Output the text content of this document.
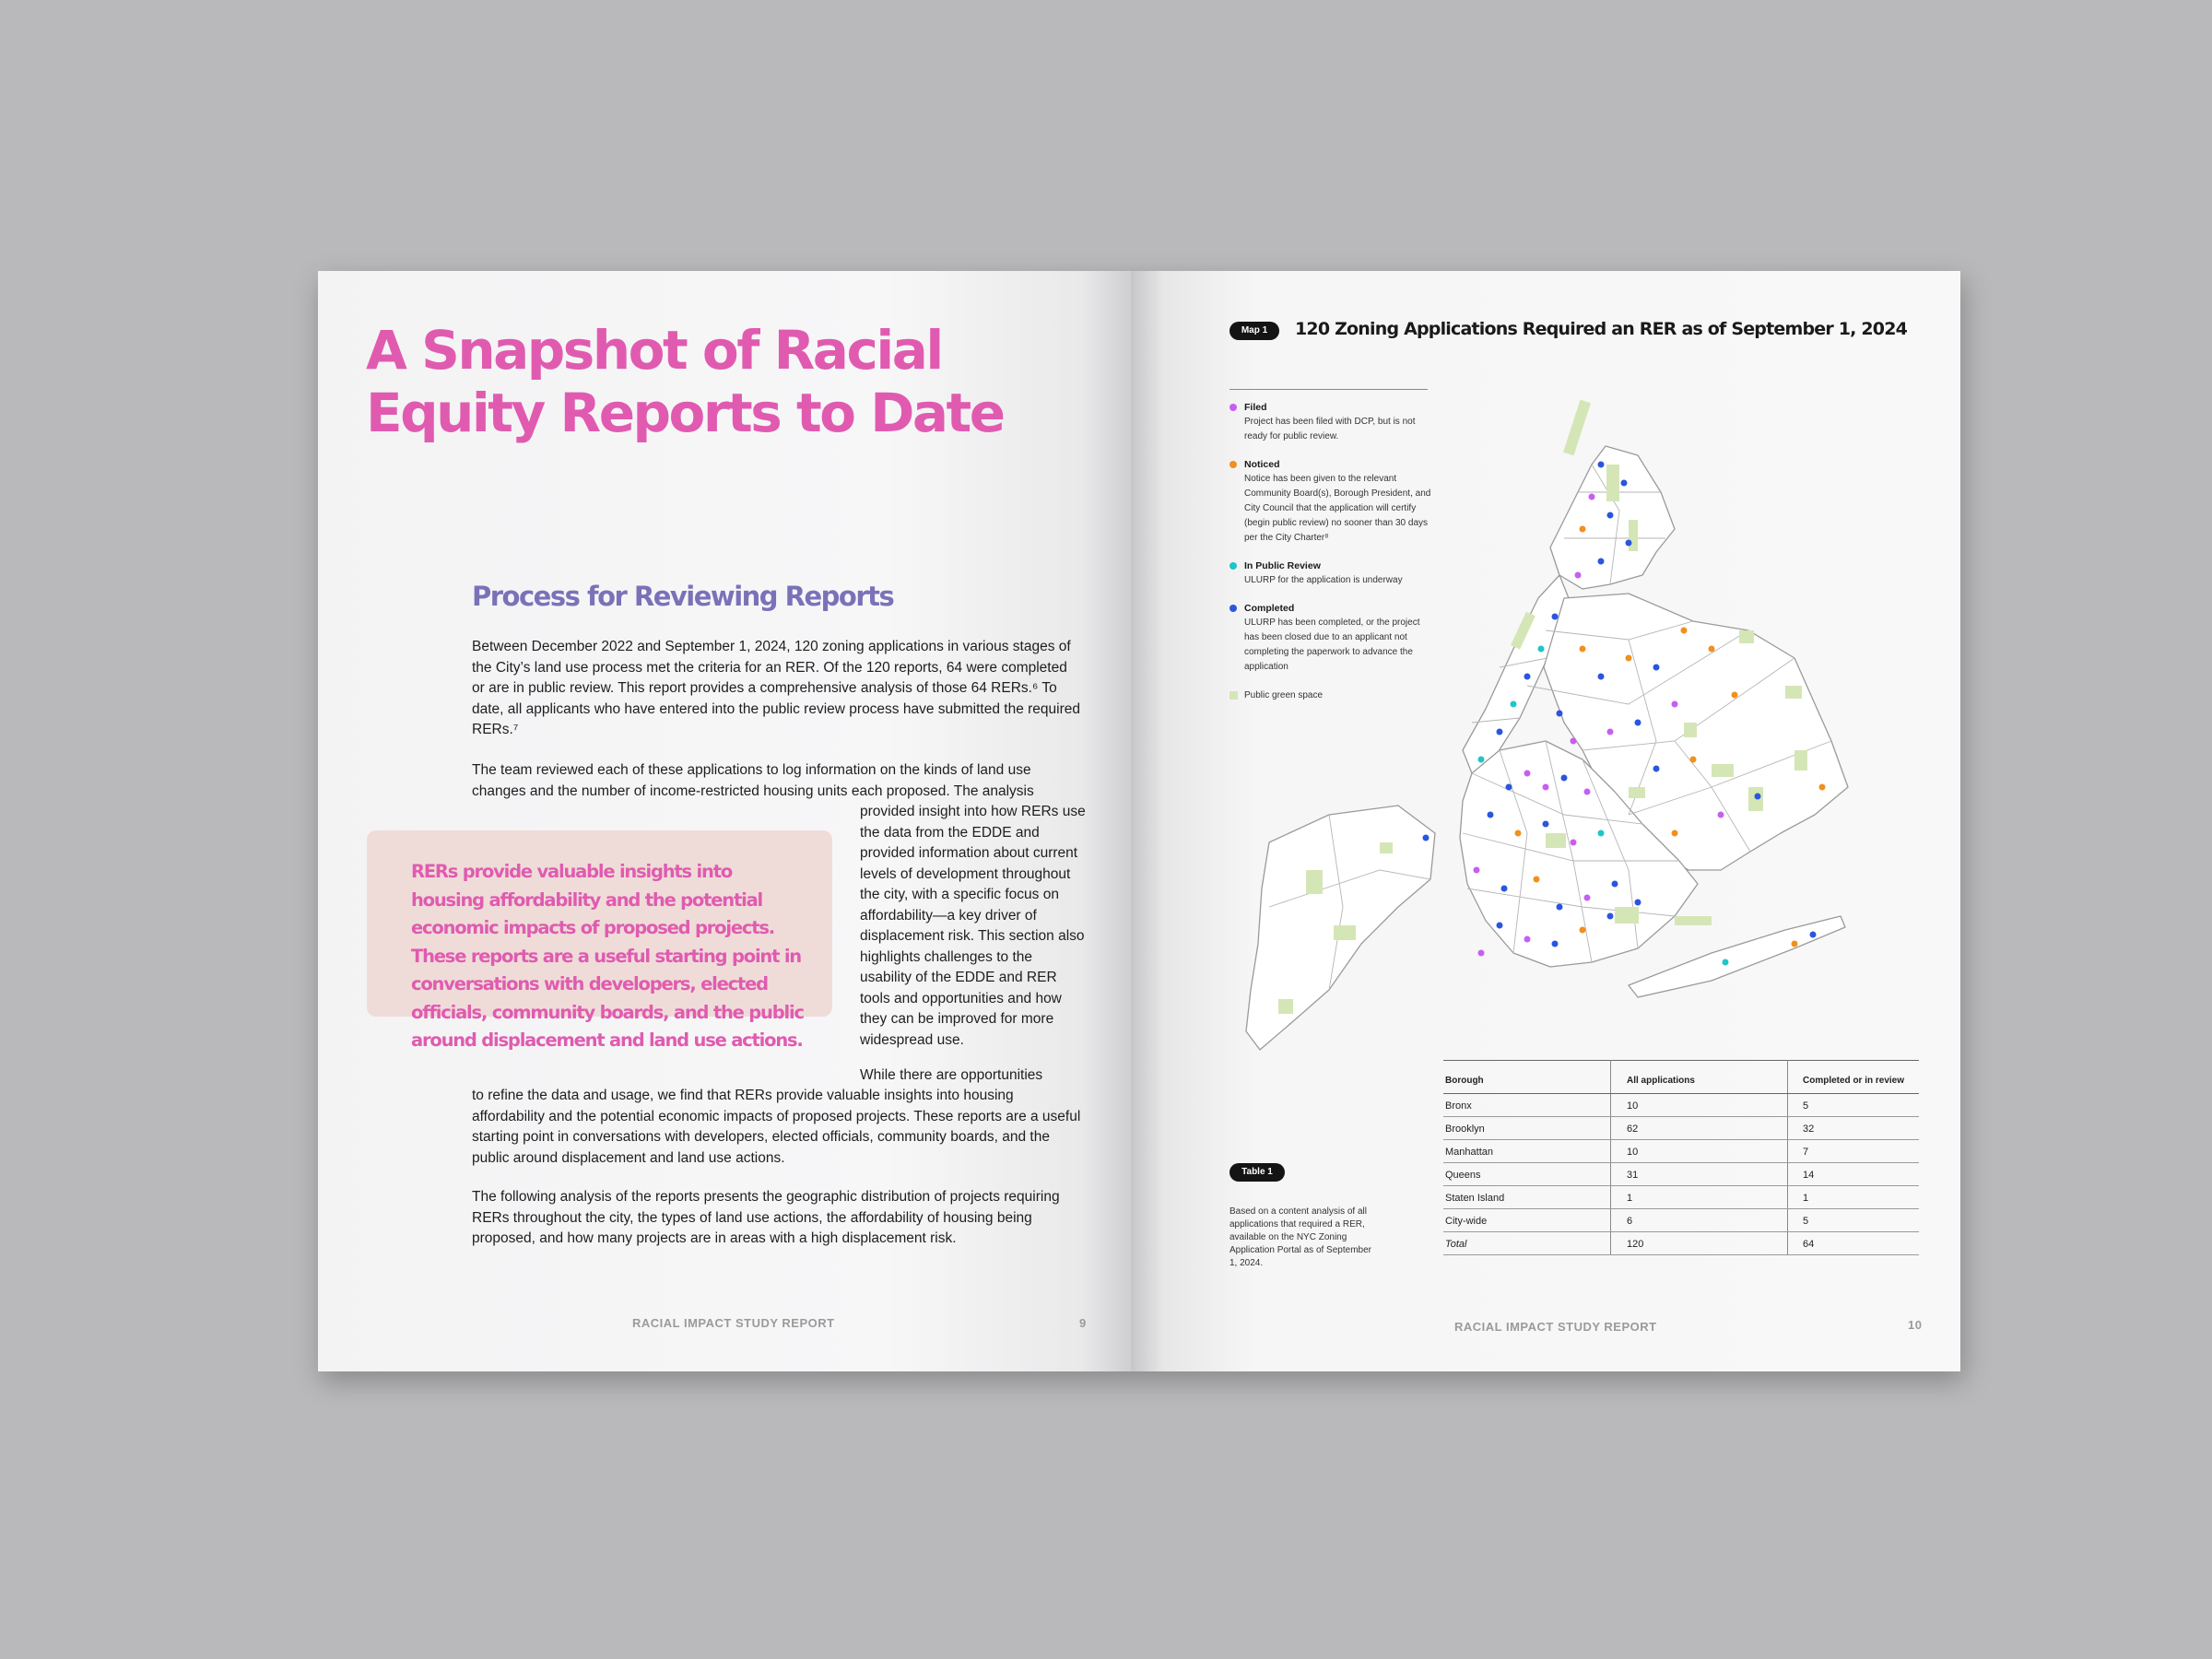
A Snapshot of Racial Equity Reports to Date
Process for Reviewing Reports

Between December 2022 and September 1, 2024, 120 zoning applications in various stages of the City’s land use process met the criteria for an RER. Of the 120 reports, 64 were completed or are in public review. This report provides a comprehensive analysis of those 64 RERs.⁶ To date, all applicants who have entered into the public review process have submitted the required RERs.⁷

The team reviewed each of these applications to log information on the kinds of land use changes and the number of income-restricted housing units each proposed. The analysis

provided insight into how RERs use the data from the EDDE and provided information about current levels of development throughout the city, with a specific focus on affordability—a key driver of displacement risk. This section also highlights challenges to the usability of the EDDE and RER tools and opportunities and how they can be improved for more widespread use.

While there are opportunities

to refine the data and usage, we find that RERs provide valuable insights into housing affordability and the potential economic impacts of proposed projects. These reports are a useful starting point in conversations with developers, elected officials, community boards, and the public around displacement and land use actions.

The following analysis of the reports presents the geographic distribution of projects requiring RERs throughout the city, the types of land use actions, the affordability of housing being proposed, and how many projects are in areas with a high displacement risk.

RERs provide valuable insights into housing affordability and the potential economic impacts of proposed projects. These reports are a useful starting point in conversations with developers, elected officials, community boards, and the public around displacement and land use actions.

RACIAL IMPACT STUDY REPORT	9
Map 1	120 Zoning Applications Required an RER as of September 1, 2024
Filed
Project has been filed with DCP, but is not ready for public review.
Noticed
Notice has been given to the relevant Community Board(s), Borough President, and City Council that the application will certify (begin public review) no sooner than 30 days per the City Charter⁸
In Public Review
ULURP for the application is underway
Completed
ULURP has been completed, or the project has been closed due to an applicant not completing the paperwork to advance the application
Public green space
Table 1

Based on a content analysis of all applications that required a RER, available on the NYC Zoning Application Portal as of September 1, 2024.

Borough	All applications	Completed or in review
Bronx	10	5
Brooklyn	62	32
Manhattan	10	7
Queens	31	14
Staten Island	1	1
City-wide	6	5
Total	120	64
RACIAL IMPACT STUDY REPORT	10
